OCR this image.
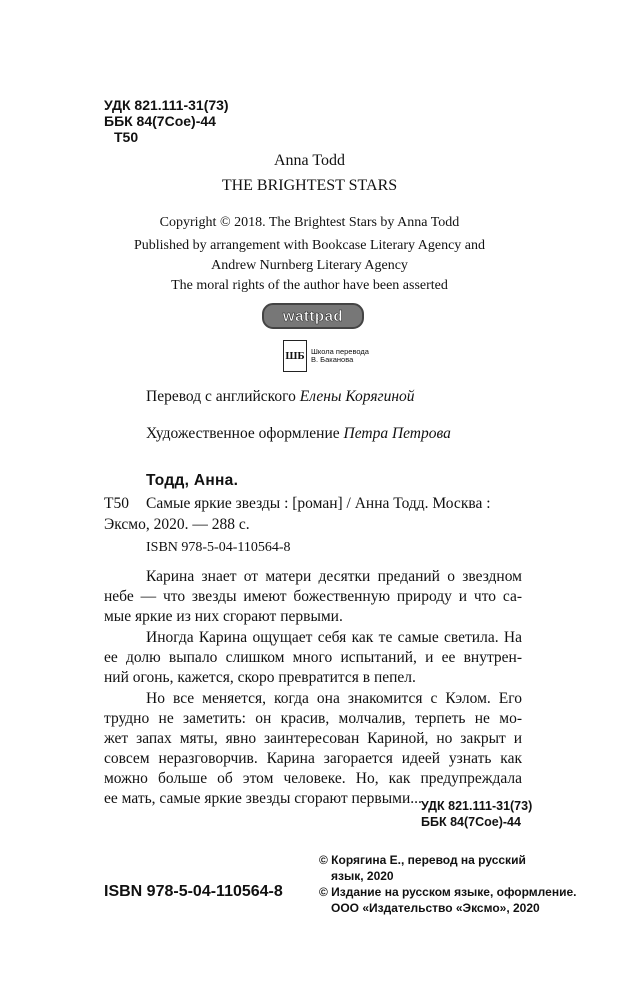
УДК 821.111-31(73)
ББК 84(7Сое)-44
Т50
Anna Todd
THE BRIGHTEST STARS
Copyright © 2018. The Brightest Stars by Anna Todd
Published by arrangement with Bookcase Literary Agency and
Andrew Nurnberg Literary Agency
The moral rights of the author have been asserted
wattpad
ШБ Школа перевода
В. Баканова
Перевод с английского Елены Корягиной
Художественное оформление Петра Петрова
Тодд, Анна.
Т50 Самые яркие звезды : [роман] / Анна Тодд. Москва :
Эксмо, 2020. — 288 с.
ISBN 978-5-04-110564-8

Карина знает от матери десятки преданий о звездном

небе — что звезды имеют божественную природу и что са-

мые яркие из них сгорают первыми.

Иногда Карина ощущает себя как те самые светила. На

ее долю выпало слишком много испытаний, и ее внутрен-

ний огонь, кажется, скоро превратится в пепел.

Но все меняется, когда она знакомится с Кэлом. Его

трудно не заметить: он красив, молчалив, терпеть не мо-

жет запах мяты, явно заинтересован Кариной, но закрыт и

совсем неразговорчив. Карина загорается идеей узнать как

можно больше об этом человеке. Но, как предупреждала

ее мать, самые яркие звезды сгорают первыми... УДК 821.111-31(73)
ББК 84(7Сое)-44
© Корягина Е., перевод на русский
язык, 2020
© Издание на русском языке, оформление.
ООО «Издательство «Эксмо», 2020
ISBN 978-5-04-110564-8
